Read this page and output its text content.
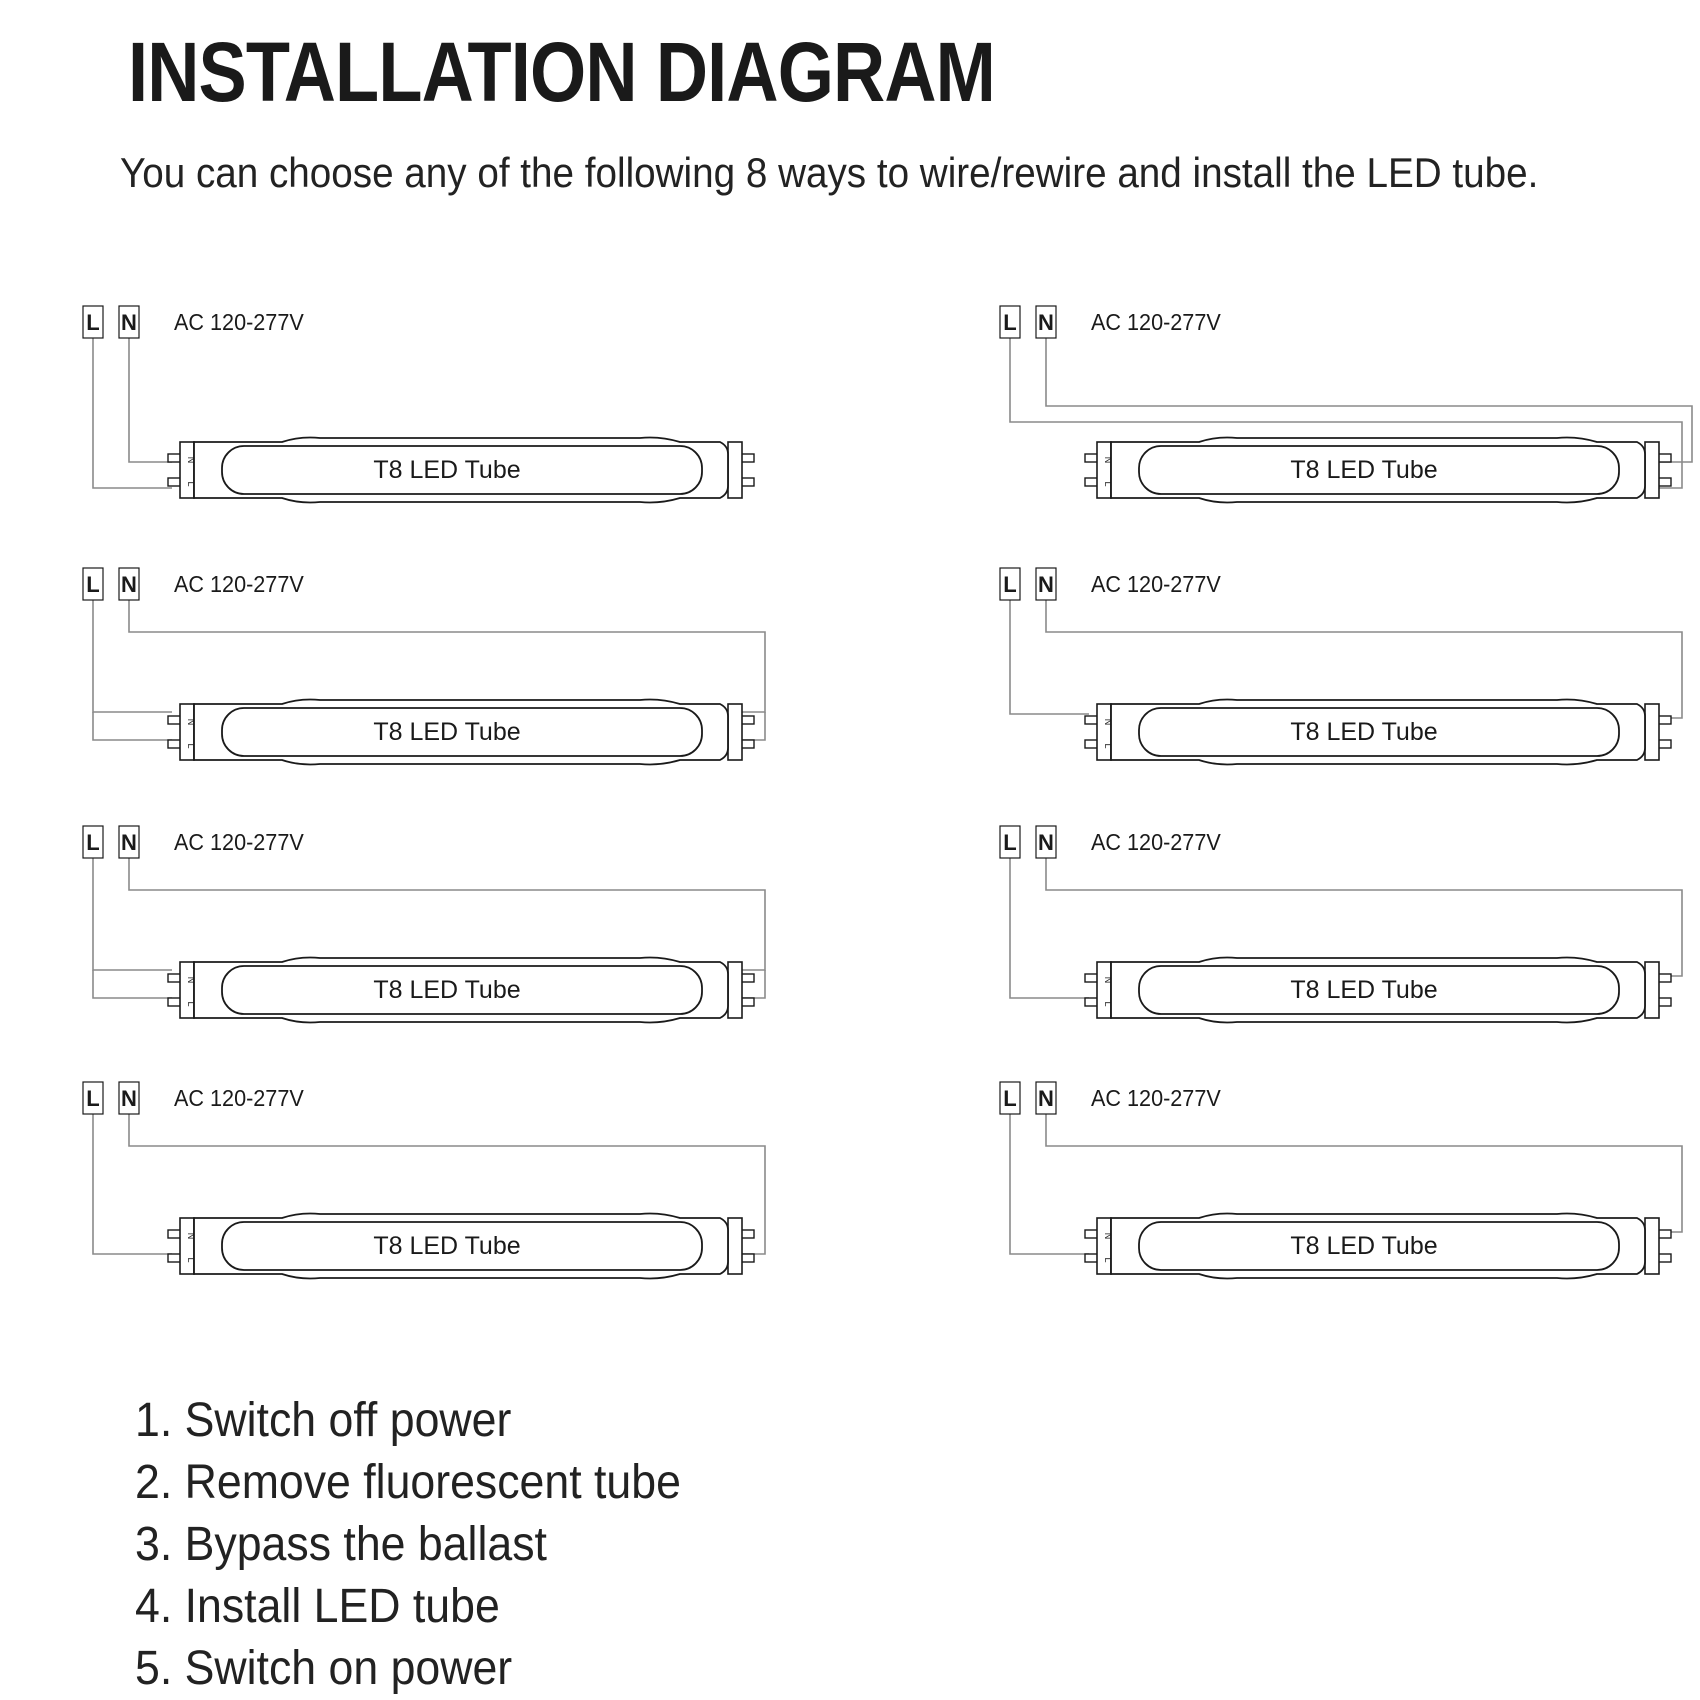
INSTALLATION DIAGRAM

You can choose any of the following 8 ways to wire/rewire and install the LED tube.

L N AC 120-277V
N
L	T8 LED Tube
L N AC 120-277V
N
L	T8 LED Tube
L N AC 120-277V
N
L	T8 LED Tube
L N AC 120-277V
N
L	T8 LED Tube
L N AC 120-277V
N
L	T8 LED Tube
L N AC 120-277V
N
L	T8 LED Tube
L N AC 120-277V
N
L	T8 LED Tube
L N AC 120-277V
N
L	T8 LED Tube
1. Switch off power
2. Remove fluorescent tube
3. Bypass the ballast
4. Install LED tube
5. Switch on power
